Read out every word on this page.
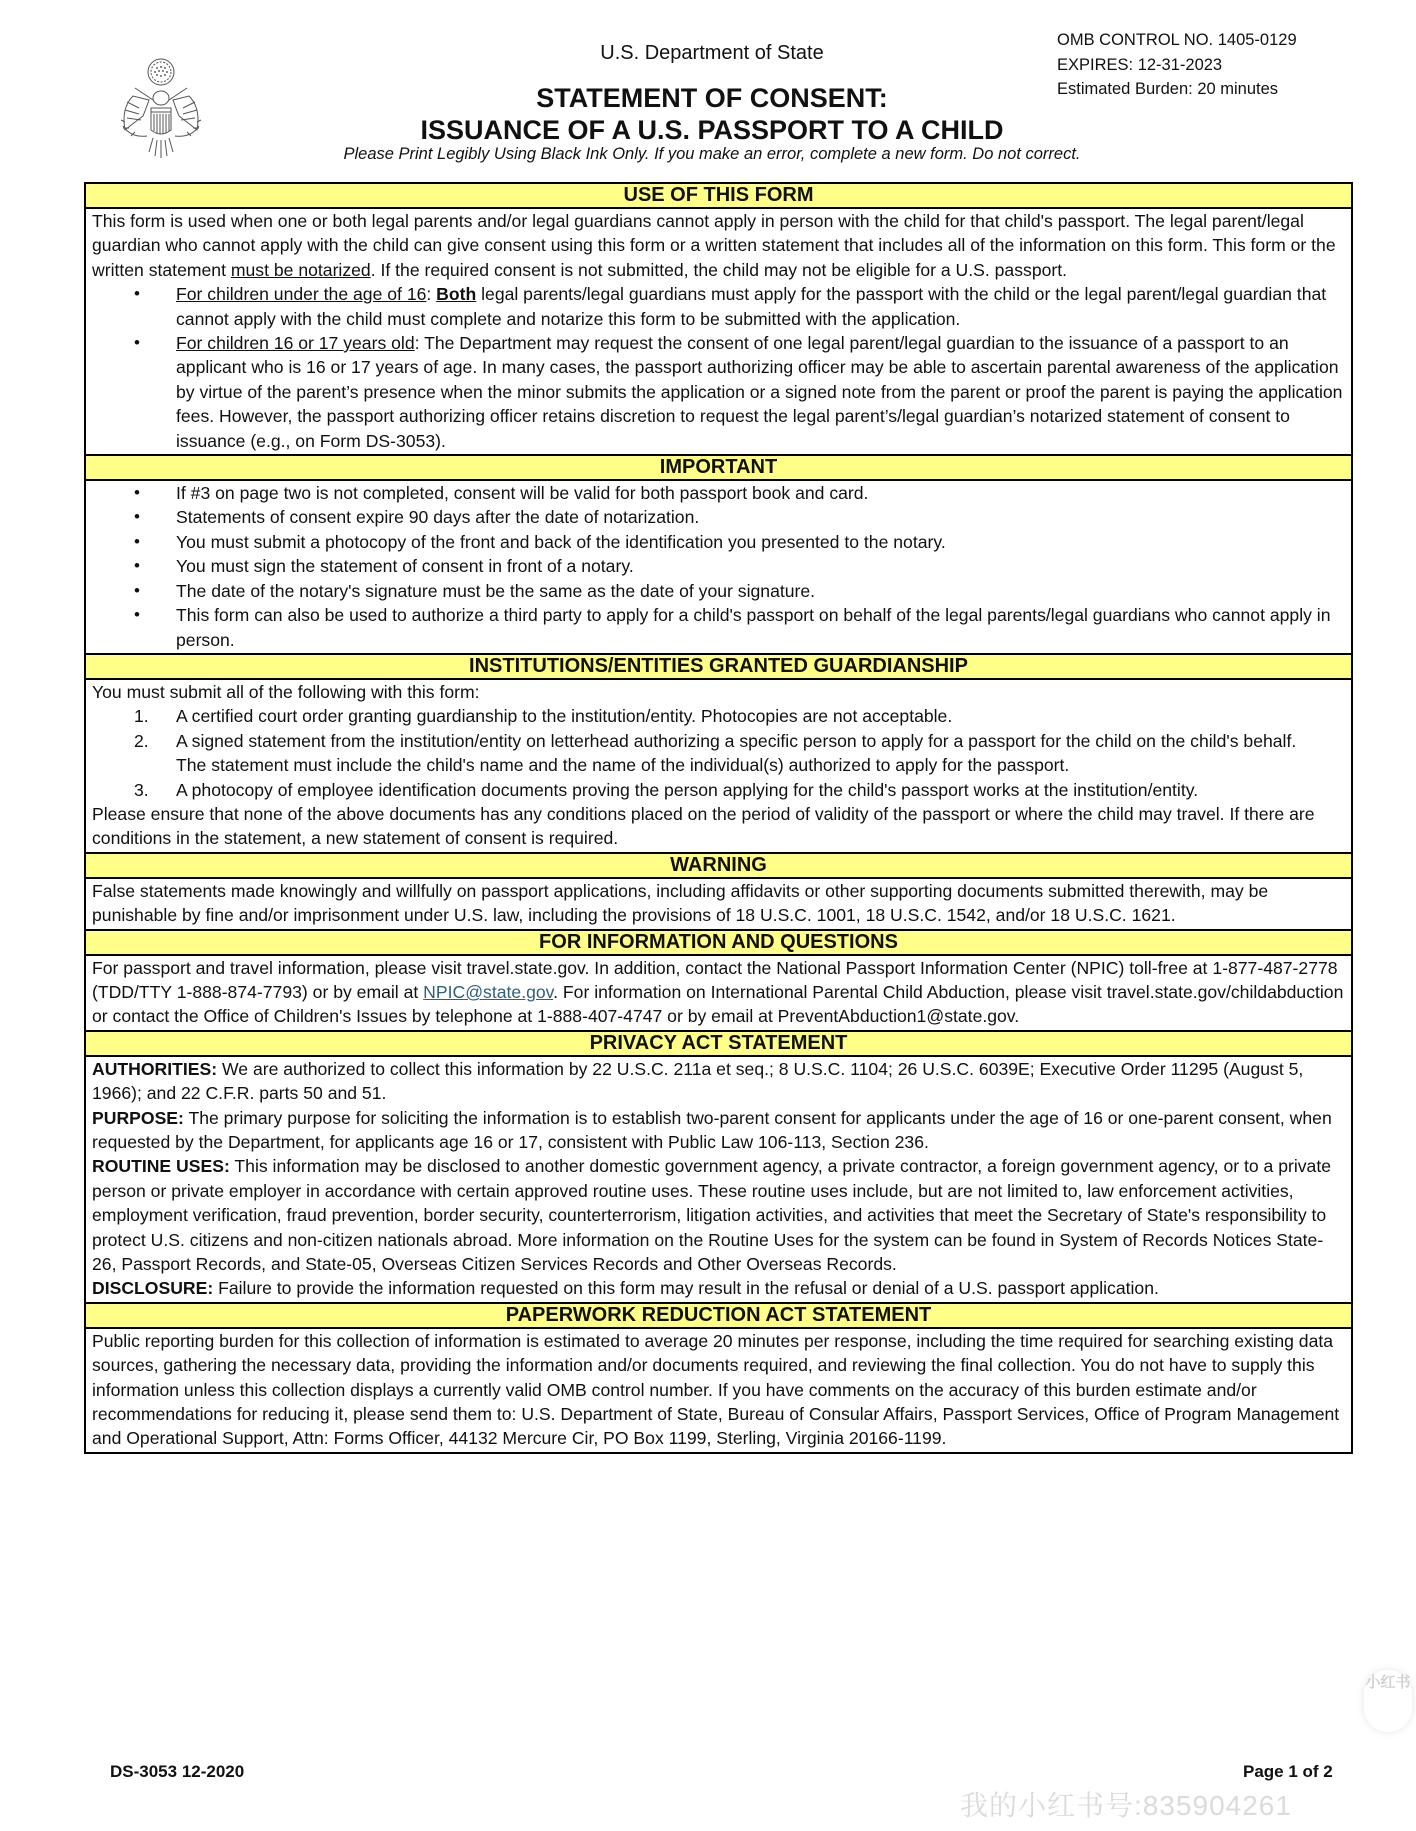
U.S. Department of State
STATEMENT OF CONSENT:
ISSUANCE OF A U.S. PASSPORT TO A CHILD
Please Print Legibly Using Black Ink Only. If you make an error, complete a new form. Do not correct.
OMB CONTROL NO. 1405-0129
EXPIRES: 12-31-2023
Estimated Burden: 20 minutes
USE OF THIS FORM

This form is used when one or both legal parents and/or legal guardians cannot apply in person with the child for that child's passport. The legal parent/legal guardian who cannot apply with the child can give consent using this form or a written statement that includes all of the information on this form. This form or the written statement must be notarized. If the required consent is not submitted, the child may not be eligible for a U.S. passport.

• For children under the age of 16: Both legal parents/legal guardians must apply for the passport with the child or the legal parent/legal guardian that cannot apply with the child must complete and notarize this form to be submitted with the application.
• For children 16 or 17 years old: The Department may request the consent of one legal parent/legal guardian to the issuance of a passport to an applicant who is 16 or 17 years of age. In many cases, the passport authorizing officer may be able to ascertain parental awareness of the application by virtue of the parent’s presence when the minor submits the application or a signed note from the parent or proof the parent is paying the application fees. However, the passport authorizing officer retains discretion to request the legal parent’s/legal guardian’s notarized statement of consent to issuance (e.g., on Form DS-3053).
IMPORTANT
• If #3 on page two is not completed, consent will be valid for both passport book and card.
• Statements of consent expire 90 days after the date of notarization.
• You must submit a photocopy of the front and back of the identification you presented to the notary.
• You must sign the statement of consent in front of a notary.
• The date of the notary's signature must be the same as the date of your signature.
• This form can also be used to authorize a third party to apply for a child's passport on behalf of the legal parents/legal guardians who cannot apply in person.
INSTITUTIONS/ENTITIES GRANTED GUARDIANSHIP

You must submit all of the following with this form:

1. A certified court order granting guardianship to the institution/entity. Photocopies are not acceptable.
2. A signed statement from the institution/entity on letterhead authorizing a specific person to apply for a passport for the child on the child's behalf.
The statement must include the child's name and the name of the individual(s) authorized to apply for the passport.
3. A photocopy of employee identification documents proving the person applying for the child's passport works at the institution/entity.

Please ensure that none of the above documents has any conditions placed on the period of validity of the passport or where the child may travel. If there are conditions in the statement, a new statement of consent is required.

WARNING

False statements made knowingly and willfully on passport applications, including affidavits or other supporting documents submitted therewith, may be punishable by fine and/or imprisonment under U.S. law, including the provisions of 18 U.S.C. 1001, 18 U.S.C. 1542, and/or 18 U.S.C. 1621.

FOR INFORMATION AND QUESTIONS

For passport and travel information, please visit travel.state.gov. In addition, contact the National Passport Information Center (NPIC) toll-free at 1-877-487-2778 (TDD/TTY 1-888-874-7793) or by email at NPIC@state.gov. For information on International Parental Child Abduction, please visit travel.state.gov/childabduction or contact the Office of Children's Issues by telephone at 1-888-407-4747 or by email at PreventAbduction1@state.gov.

PRIVACY ACT STATEMENT

AUTHORITIES: We are authorized to collect this information by 22 U.S.C. 211a et seq.; 8 U.S.C. 1104; 26 U.S.C. 6039E; Executive Order 11295 (August 5, 1966); and 22 C.F.R. parts 50 and 51.

PURPOSE: The primary purpose for soliciting the information is to establish two-parent consent for applicants under the age of 16 or one-parent consent, when requested by the Department, for applicants age 16 or 17, consistent with Public Law 106-113, Section 236.

ROUTINE USES: This information may be disclosed to another domestic government agency, a private contractor, a foreign government agency, or to a private person or private employer in accordance with certain approved routine uses. These routine uses include, but are not limited to, law enforcement activities, employment verification, fraud prevention, border security, counterterrorism, litigation activities, and activities that meet the Secretary of State's responsibility to protect U.S. citizens and non-citizen nationals abroad. More information on the Routine Uses for the system can be found in System of Records Notices State-26, Passport Records, and State-05, Overseas Citizen Services Records and Other Overseas Records.

DISCLOSURE: Failure to provide the information requested on this form may result in the refusal or denial of a U.S. passport application.

PAPERWORK REDUCTION ACT STATEMENT

Public reporting burden for this collection of information is estimated to average 20 minutes per response, including the time required for searching existing data sources, gathering the necessary data, providing the information and/or documents required, and reviewing the final collection. You do not have to supply this information unless this collection displays a currently valid OMB control number. If you have comments on the accuracy of this burden estimate and/or recommendations for reducing it, please send them to: U.S. Department of State, Bureau of Consular Affairs, Passport Services, Office of Program Management and Operational Support, Attn: Forms Officer, 44132 Mercure Cir, PO Box 1199, Sterling, Virginia 20166-1199.

DS-3053 12-2020	Page 1 of 2
我的小红书号:835904261
小红书
